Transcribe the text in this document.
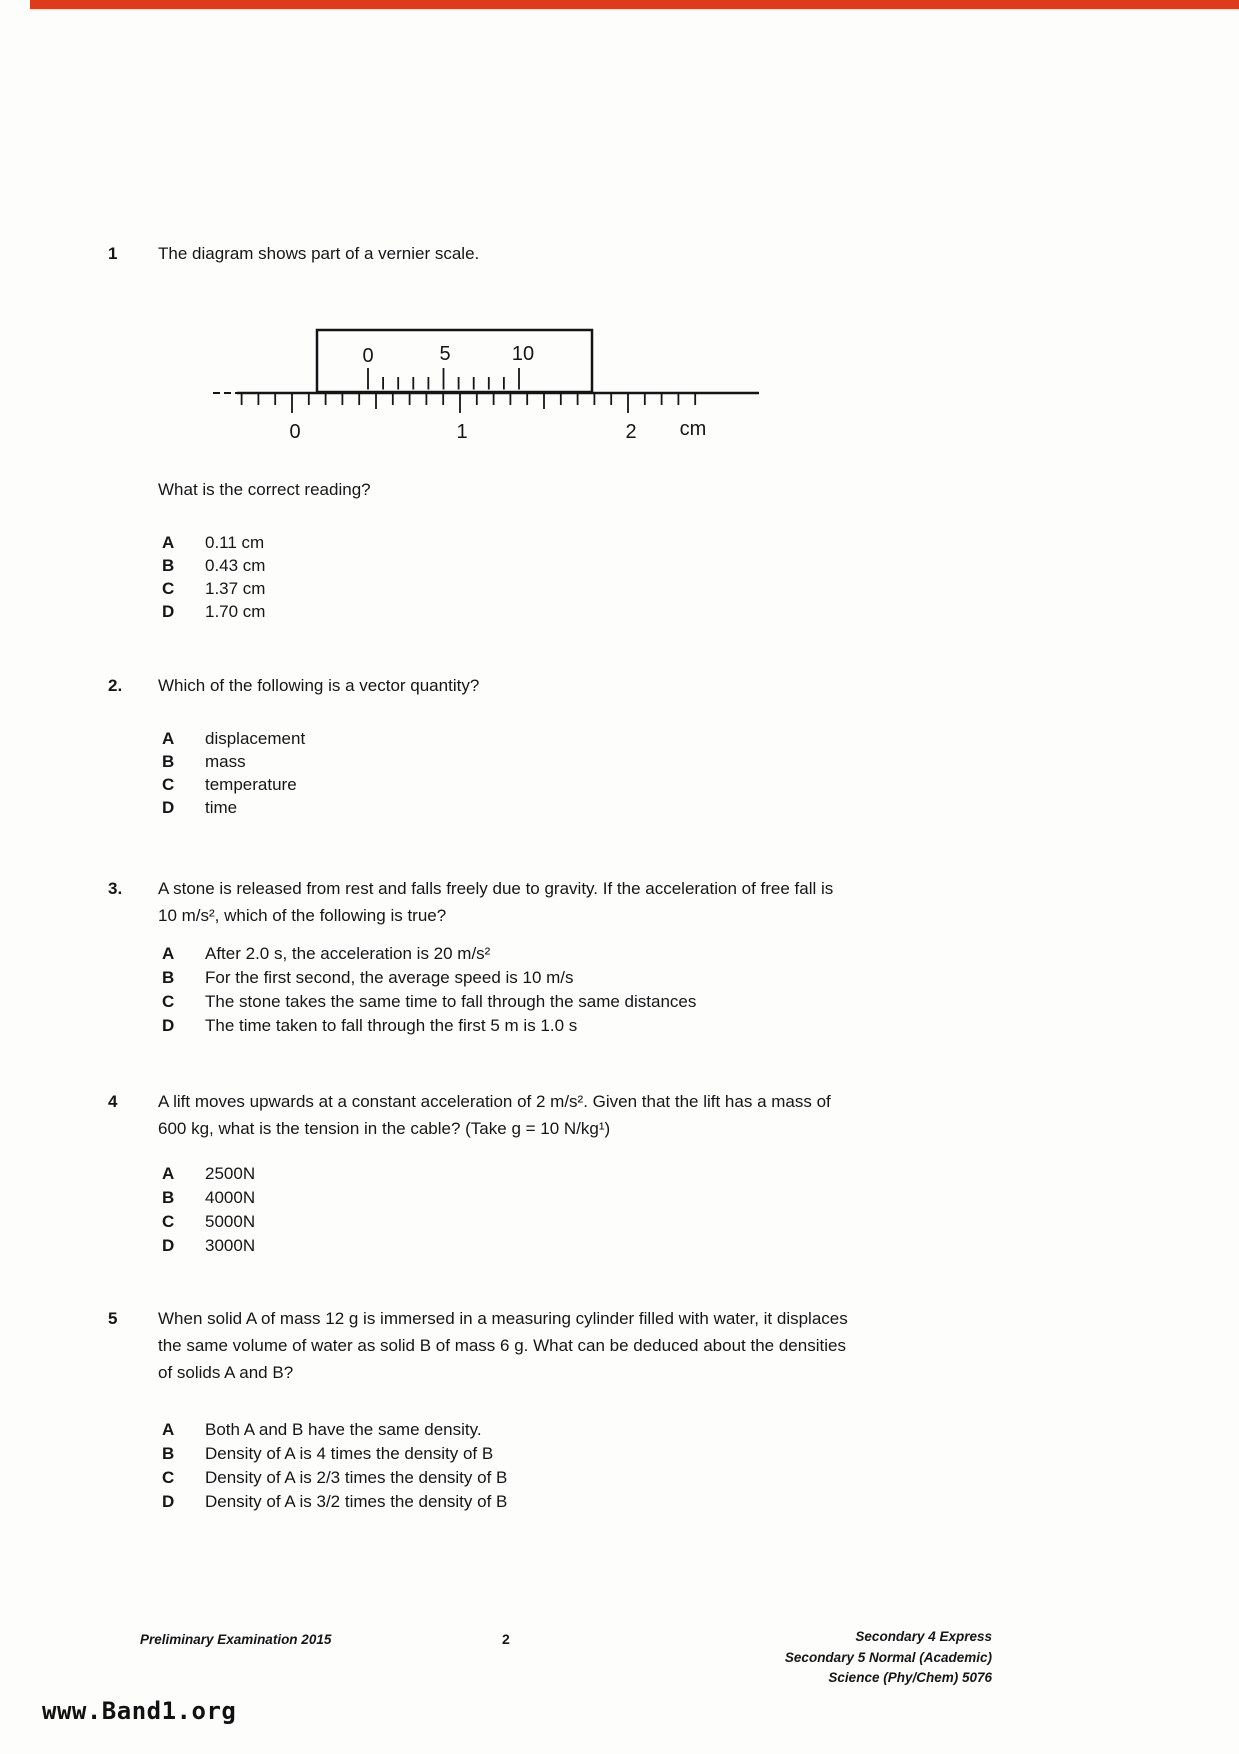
1	The diagram shows part of a vernier scale.
0	5	10
0	1	2 cm
What is the correct reading?
A 0.11 cm
B 0.43 cm
C 1.37 cm
D 1.70 cm
2.	Which of the following is a vector quantity?
A displacement
B mass
C temperature
D time
3.	A stone is released from rest and falls freely due to gravity. If the acceleration of free fall is
10 m/s², which of the following is true?
A After 2.0 s, the acceleration is 20 m/s²
B For the first second, the average speed is 10 m/s
C The stone takes the same time to fall through the same distances
D The time taken to fall through the first 5 m is 1.0 s
4	A lift moves upwards at a constant acceleration of 2 m/s². Given that the lift has a mass of
600 kg, what is the tension in the cable? (Take g = 10 N/kg¹)
A 2500N
B 4000N
C 5000N
D 3000N
5	When solid A of mass 12 g is immersed in a measuring cylinder filled with water, it displaces
the same volume of water as solid B of mass 6 g. What can be deduced about the densities
of solids A and B?
A Both A and B have the same density.
B Density of A is 4 times the density of B
C Density of A is 2/3 times the density of B
D Density of A is 3/2 times the density of B
Preliminary Examination 2015	2	Secondary 4 Express
Secondary 5 Normal (Academic)
Science (Phy/Chem) 5076
www.Band1.org
